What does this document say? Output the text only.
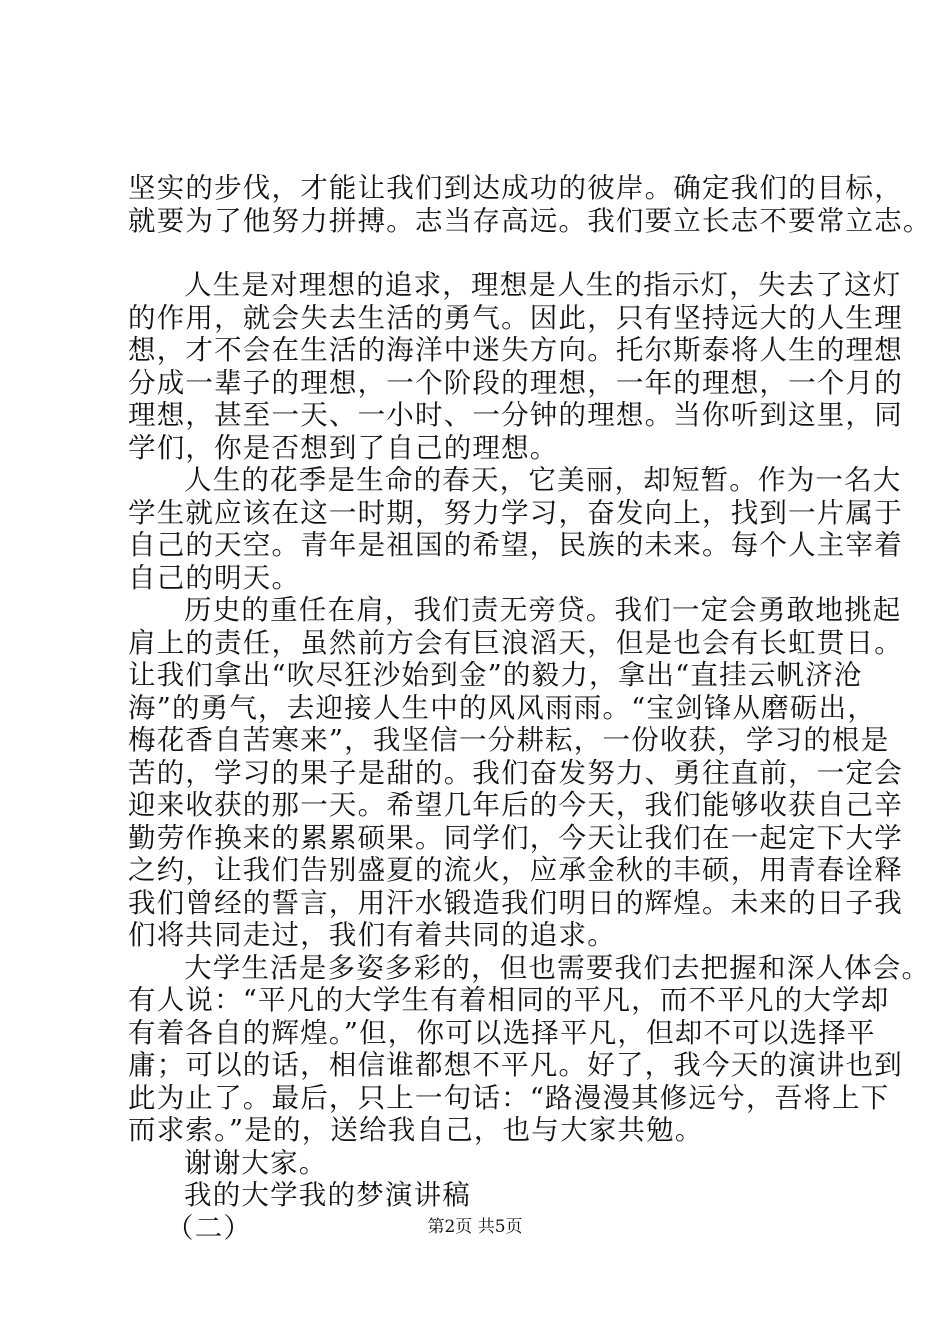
坚实的步伐，才能让我们到达成功的彼岸。确定我们的目标，
就要为了他努力拼搏。志当存高远。我们要立长志不要常立志。
人生是对理想的追求，理想是人生的指示灯，失去了这灯
的作用，就会失去生活的勇气。因此，只有坚持远大的人生理
想，才不会在生活的海洋中迷失方向。托尔斯泰将人生的理想
分成一辈子的理想，一个阶段的理想，一年的理想，一个月的
理想，甚至一天、一小时、一分钟的理想。当你听到这里，同
学们，你是否想到了自己的理想。
人生的花季是生命的春天，它美丽，却短暂。作为一名大
学生就应该在这一时期，努力学习，奋发向上，找到一片属于
自己的天空。青年是祖国的希望，民族的未来。每个人主宰着
自己的明天。
历史的重任在肩，我们责无旁贷。我们一定会勇敢地挑起
肩上的责任，虽然前方会有巨浪滔天，但是也会有长虹贯日。
让我们拿出“吹尽狂沙始到金”的毅力，拿出“直挂云帆济沧
海”的勇气，去迎接人生中的风风雨雨。“宝剑锋从磨砺出，
梅花香自苦寒来”，我坚信一分耕耘，一份收获，学习的根是
苦的，学习的果子是甜的。我们奋发努力、勇往直前，一定会
迎来收获的那一天。希望几年后的今天，我们能够收获自己辛
勤劳作换来的累累硕果。同学们，今天让我们在一起定下大学
之约，让我们告别盛夏的流火，应承金秋的丰硕，用青春诠释
我们曾经的誓言，用汗水锻造我们明日的辉煌。未来的日子我
们将共同走过，我们有着共同的追求。
大学生活是多姿多彩的，但也需要我们去把握和深人体会。
有人说：“平凡的大学生有着相同的平凡，而不平凡的大学却
有着各自的辉煌。”但，你可以选择平凡，但却不可以选择平
庸；可以的话，相信谁都想不平凡。好了，我今天的演讲也到
此为止了。最后，只上一句话：“路漫漫其修远兮，吾将上下
而求索。”是的，送给我自己，也与大家共勉。
谢谢大家。
我的大学我的梦演讲稿
（二）	第2页 共5页
